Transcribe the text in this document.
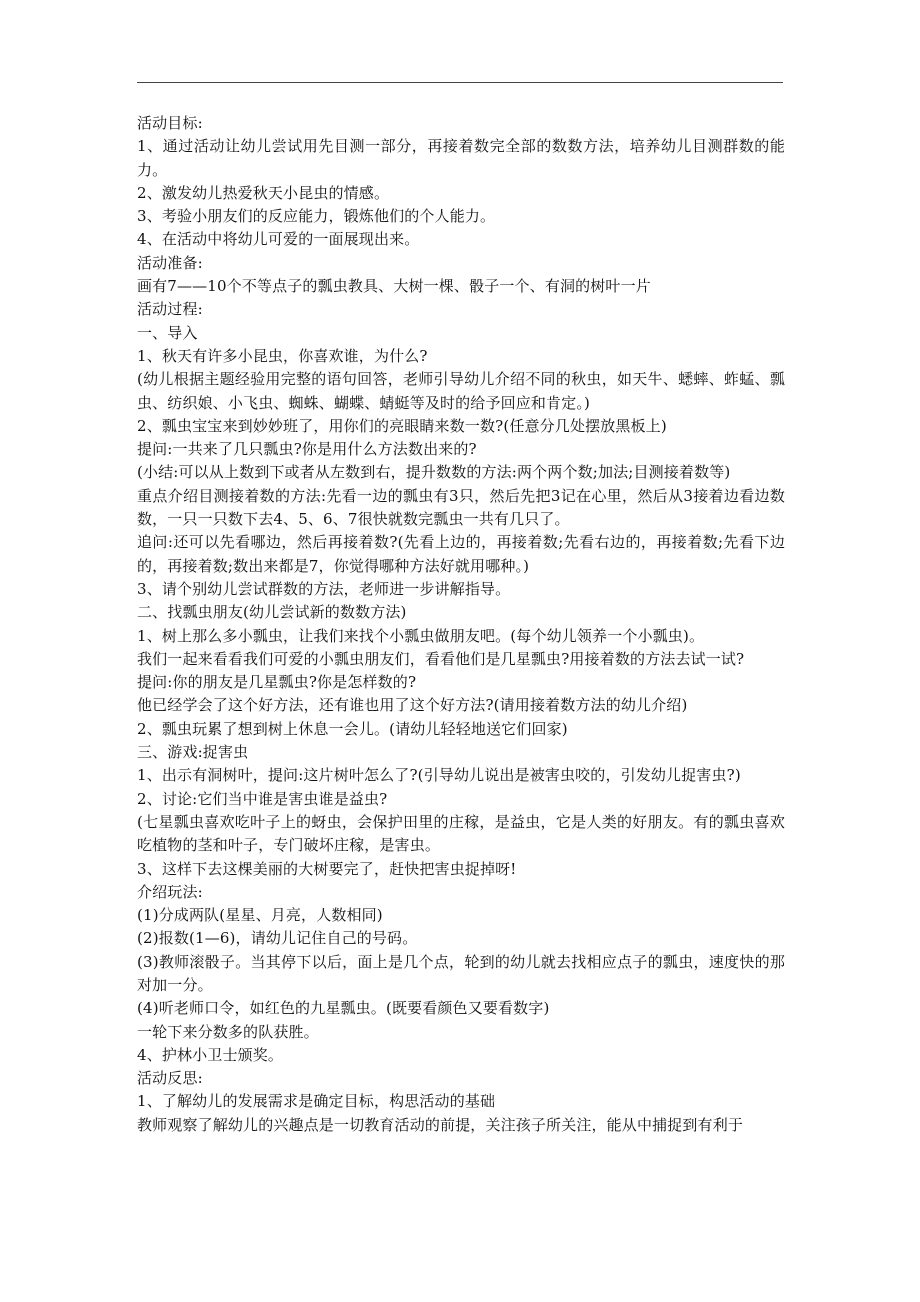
活动目标:

1、通过活动让幼儿尝试用先目测一部分，再接着数完全部的数数方法，培养幼儿目测群数的能力。

2、激发幼儿热爱秋天小昆虫的情感。

3、考验小朋友们的反应能力，锻炼他们的个人能力。

4、在活动中将幼儿可爱的一面展现出来。

活动准备:

画有7——10个不等点子的瓢虫教具、大树一棵、骰子一个、有洞的树叶一片

活动过程:

一、导入

1、秋天有许多小昆虫，你喜欢谁，为什么?

(幼儿根据主题经验用完整的语句回答，老师引导幼儿介绍不同的秋虫，如天牛、蟋蟀、蚱蜢、瓢虫、纺织娘、小飞虫、蜘蛛、蝴蝶、蜻蜓等及时的给予回应和肯定。)

2、瓢虫宝宝来到妙妙班了，用你们的亮眼睛来数一数?(任意分几处摆放黑板上)

提问:一共来了几只瓢虫?你是用什么方法数出来的?

(小结:可以从上数到下或者从左数到右，提升数数的方法:两个两个数;加法;目测接着数等)

重点介绍目测接着数的方法:先看一边的瓢虫有3只，然后先把3记在心里，然后从3接着边看边数数，一只一只数下去4、5、6、7很快就数完瓢虫一共有几只了。

追问:还可以先看哪边，然后再接着数?(先看上边的，再接着数;先看右边的，再接着数;先看下边的，再接着数;数出来都是7，你觉得哪种方法好就用哪种。)

3、请个别幼儿尝试群数的方法，老师进一步讲解指导。

二、找瓢虫朋友(幼儿尝试新的数数方法)

1、树上那么多小瓢虫，让我们来找个小瓢虫做朋友吧。(每个幼儿领养一个小瓢虫)。

我们一起来看看我们可爱的小瓢虫朋友们，看看他们是几星瓢虫?用接着数的方法去试一试?

提问:你的朋友是几星瓢虫?你是怎样数的?

他已经学会了这个好方法，还有谁也用了这个好方法?(请用接着数方法的幼儿介绍)

2、瓢虫玩累了想到树上休息一会儿。(请幼儿轻轻地送它们回家)

三、游戏:捉害虫

1、出示有洞树叶，提问:这片树叶怎么了?(引导幼儿说出是被害虫咬的，引发幼儿捉害虫?)

2、讨论:它们当中谁是害虫谁是益虫?

(七星瓢虫喜欢吃叶子上的蚜虫，会保护田里的庄稼，是益虫，它是人类的好朋友。有的瓢虫喜欢吃植物的茎和叶子，专门破坏庄稼，是害虫。

3、这样下去这棵美丽的大树要完了，赶快把害虫捉掉呀!

介绍玩法:

(1)分成两队(星星、月亮，人数相同)

(2)报数(1—6)，请幼儿记住自己的号码。

(3)教师滚骰子。当其停下以后，面上是几个点，轮到的幼儿就去找相应点子的瓢虫，速度快的那对加一分。

(4)听老师口令，如红色的九星瓢虫。(既要看颜色又要看数字)

一轮下来分数多的队获胜。

4、护林小卫士颁奖。

活动反思:

1、了解幼儿的发展需求是确定目标，构思活动的基础

教师观察了解幼儿的兴趣点是一切教育活动的前提，关注孩子所关注，能从中捕捉到有利于
